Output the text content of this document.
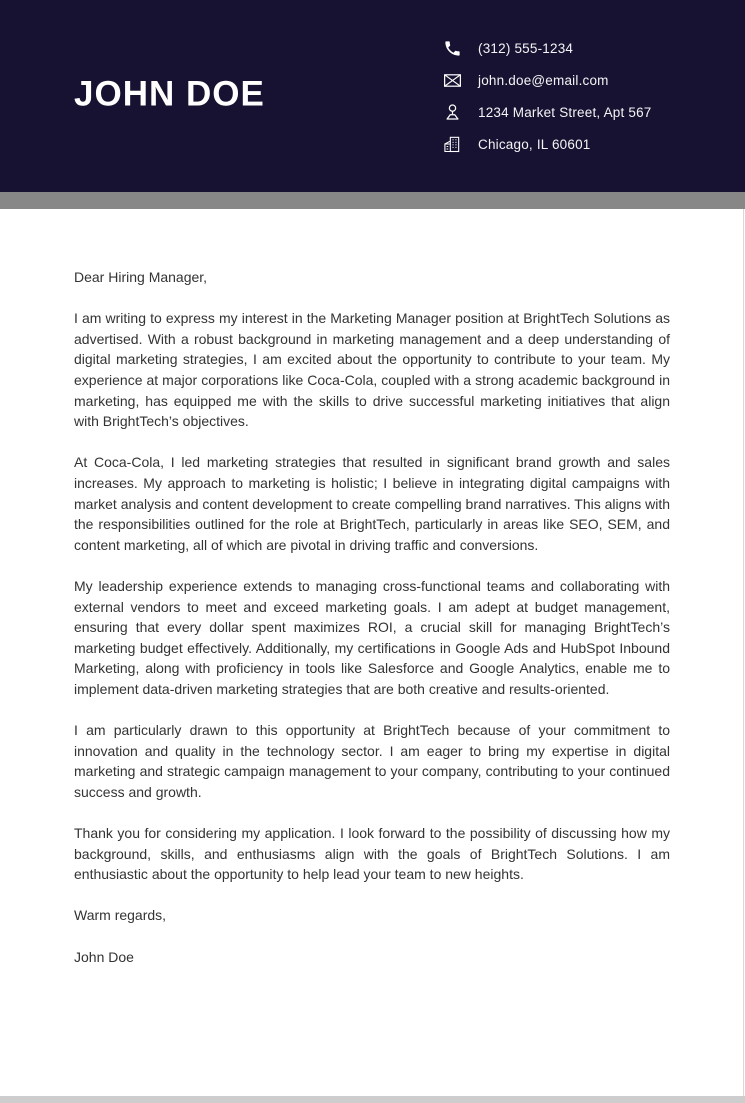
JOHN DOE
(312) 555-1234
john.doe@email.com
1234 Market Street, Apt 567
Chicago, IL 60601

Dear Hiring Manager,

I am writing to express my interest in the Marketing Manager position at BrightTech Solutions as advertised. With a robust background in marketing management and a deep understanding of digital marketing strategies, I am excited about the opportunity to contribute to your team. My experience at major corporations like Coca-Cola, coupled with a strong academic background in marketing, has equipped me with the skills to drive successful marketing initiatives that align with BrightTech’s objectives.

At Coca-Cola, I led marketing strategies that resulted in significant brand growth and sales increases. My approach to marketing is holistic; I believe in integrating digital campaigns with market analysis and content development to create compelling brand narratives. This aligns with the responsibilities outlined for the role at BrightTech, particularly in areas like SEO, SEM, and content marketing, all of which are pivotal in driving traffic and conversions.

My leadership experience extends to managing cross-functional teams and collaborating with external vendors to meet and exceed marketing goals. I am adept at budget management, ensuring that every dollar spent maximizes ROI, a crucial skill for managing BrightTech’s marketing budget effectively. Additionally, my certifications in Google Ads and HubSpot Inbound Marketing, along with proficiency in tools like Salesforce and Google Analytics, enable me to implement data-driven marketing strategies that are both creative and results-oriented.

I am particularly drawn to this opportunity at BrightTech because of your commitment to innovation and quality in the technology sector. I am eager to bring my expertise in digital marketing and strategic campaign management to your company, contributing to your continued success and growth.

Thank you for considering my application. I look forward to the possibility of discussing how my background, skills, and enthusiasms align with the goals of BrightTech Solutions. I am enthusiastic about the opportunity to help lead your team to new heights.

Warm regards,

John Doe
